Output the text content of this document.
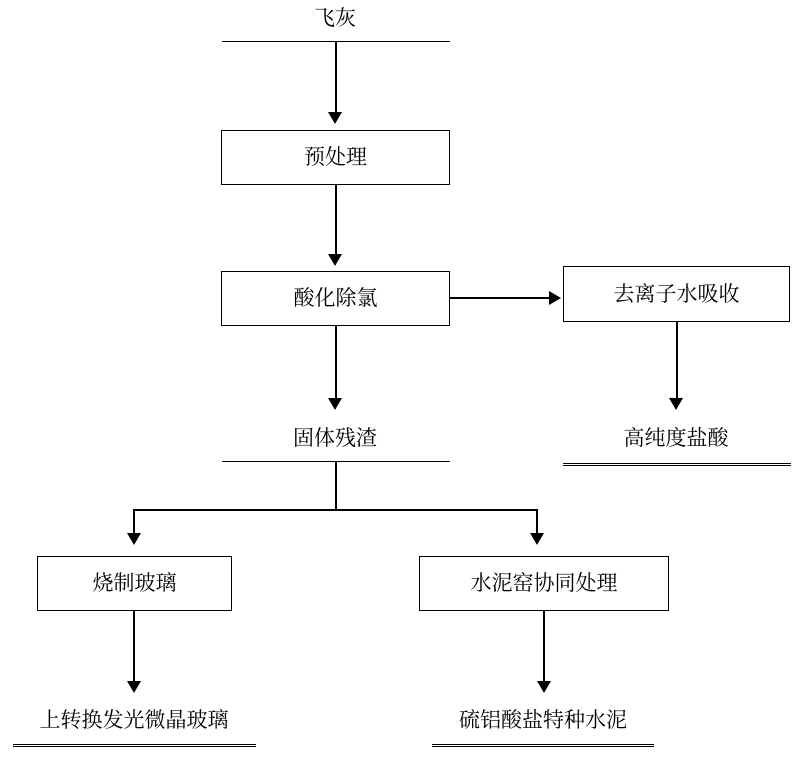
飞灰
预处理
酸化除氯	去离子水吸收
固体残渣	高纯度盐酸
烧制玻璃	水泥窑协同处理
上转换发光微晶玻璃	硫铝酸盐特种水泥
